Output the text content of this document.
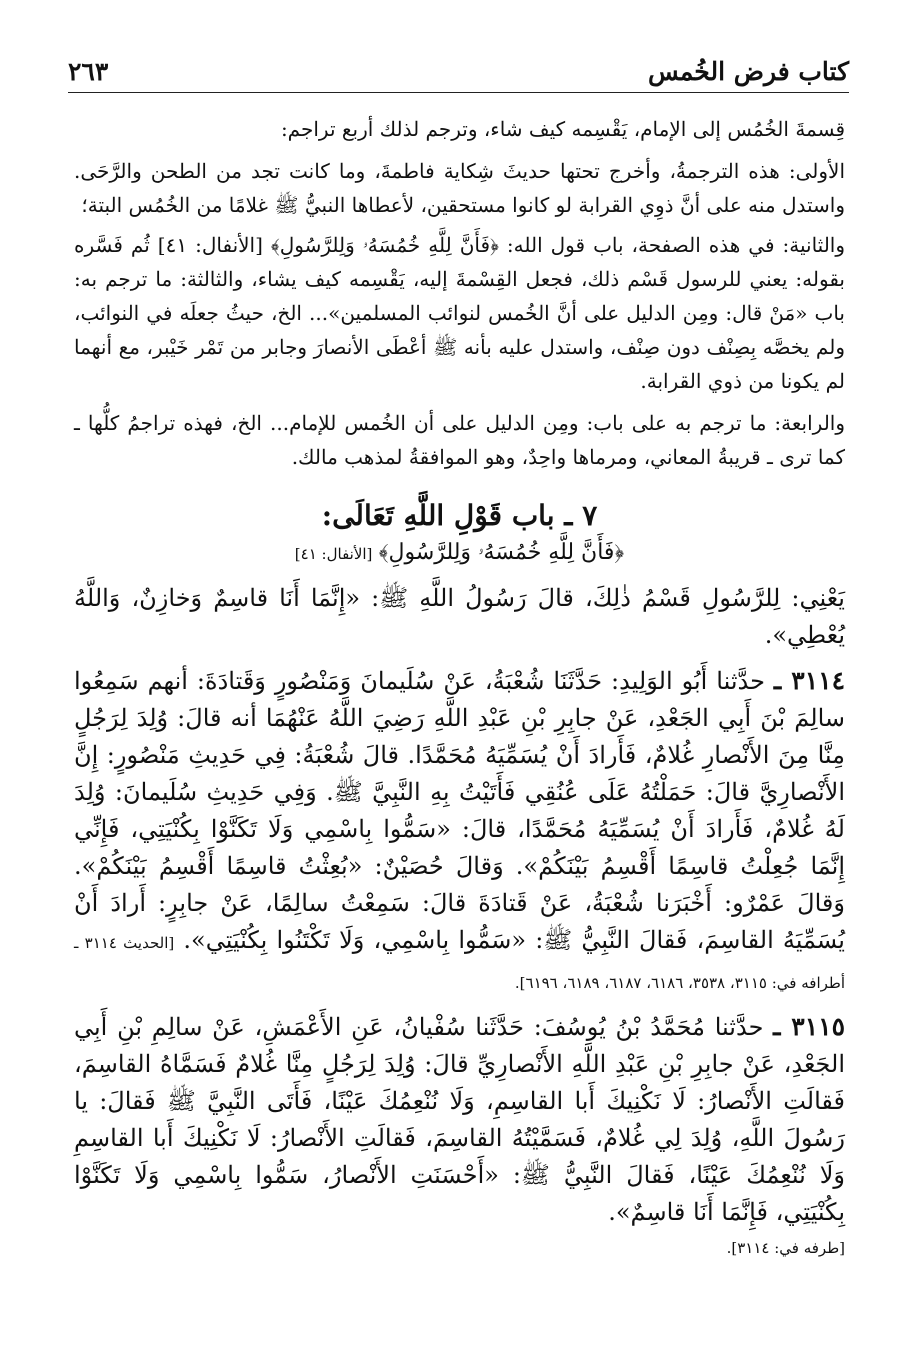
كتاب فرض الخُمس
٢٦٣

قِسمةَ الخُمُس إلى الإمام، يَقْسِمه كيف شاء، وترجم لذلك أربع تراجم:

الأولى: هذه الترجمةُ، وأخرج تحتها حديثَ شِكاية فاطمةَ، وما كانت تجد من الطحن والرَّحَى. واستدل منه على أنَّ ذوِي القرابة لو كانوا مستحقين، لأعطاها النبيُّ ﷺ غلامًا من الخُمُس البتة؛

والثانية: في هذه الصفحة، باب قول الله: ﴿فَأَنَّ لِلَّهِ خُمُسَهُۥ وَلِلرَّسُولِ﴾ [الأنفال: ٤١] ثُم فَسَّره بقوله: يعني للرسول قَسْم ذلك، فجعل القِسْمةَ إليه، يَقْسِمه كيف يشاء، والثالثة: ما ترجم به: باب «مَنْ قال: ومِن الدليل على أنَّ الخُمس لنوائب المسلمين»... الخ، حيثُ جعلَه في النوائب، ولم يخصَّه بِصِنْف دون صِنْف، واستدل عليه بأنه ﷺ أعْطَى الأنصارَ وجابر من تَمْر خَيْبر، مع أنهما لم يكونا من ذوي القرابة.

والرابعة: ما ترجم به على باب: ومِن الدليل على أن الخُمس للإمام... الخ، فهذه تراجمُ كلُّها ـ كما ترى ـ قريبةُ المعاني، ومرماها واحِدٌ، وهو الموافقةُ لمذهب مالك.

٧ ـ باب قَوْلِ اللَّهِ تَعَالَى:
﴿فَأَنَّ لِلَّهِ خُمُسَهُۥ وَلِلرَّسُولِ﴾ [الأنفال: ٤١]

يَعْنِي: لِلرَّسُولِ قَسْمُ ذٰلِكَ، قالَ رَسُولُ اللَّهِ ﷺ: «إِنَّمَا أَنَا قاسِمٌ وَخازِنٌ، وَاللَّهُ يُعْطِي».

٣١١٤ ـ حدَّثنا أَبُو الوَلِيدِ: حَدَّثَنَا شُعْبَةُ، عَنْ سُلَيمانَ وَمَنْصُورٍ وَقَتادَةَ: أنهم سَمِعُوا سالِمَ بْنَ أَبِي الجَعْدِ، عَنْ جابِرِ بْنِ عَبْدِ اللَّهِ رَضِيَ اللَّهُ عَنْهُمَا أنه قالَ: وُلِدَ لِرَجُلٍ مِنَّا مِنَ الأَنْصارِ غُلامٌ، فَأَرادَ أَنْ يُسَمِّيَهُ مُحَمَّدًا. قالَ شُعْبَةُ: فِي حَدِيثِ مَنْصُورٍ: إِنَّ الأَنْصارِيَّ قالَ: حَمَلْتُهُ عَلَى عُنُقِي فَأَتَيْتُ بِهِ النَّبِيَّ ﷺ. وَفِي حَدِيثِ سُلَيمانَ: وُلِدَ لَهُ غُلامٌ، فَأَرادَ أَنْ يُسَمِّيَهُ مُحَمَّدًا، قالَ: «سَمُّوا بِاسْمِي وَلَا تَكَنَّوْا بِكُنْيَتِي، فَإِنِّي إِنَّمَا جُعِلْتُ قاسِمًا أَقْسِمُ بَيْنَكُمْ». وَقالَ حُصَيْنٌ: «بُعِثْتُ قاسِمًا أَقْسِمُ بَيْنَكُمْ». وَقالَ عَمْرٌو: أَخْبَرَنا شُعْبَةُ، عَنْ قَتادَةَ قالَ: سَمِعْتُ سالِمًا، عَنْ جابِرٍ: أَرادَ أَنْ يُسَمِّيَهُ القاسِمَ، فَقالَ النَّبِيُّ ﷺ: «سَمُّوا بِاسْمِي، وَلَا تَكْتَنُوا بِكُنْيَتِي». [الحديث ٣١١٤ ـ أطرافه في: ٣١١٥، ٣٥٣٨، ٦١٨٦، ٦١٨٧، ٦١٨٩، ٦١٩٦].

٣١١٥ ـ حدَّثنا مُحَمَّدُ بْنُ يُوسُفَ: حَدَّثَنا سُفْيانُ، عَنِ الأَعْمَشِ، عَنْ سالِمِ بْنِ أَبِي الجَعْدِ، عَنْ جابِرِ بْنِ عَبْدِ اللَّهِ الأَنْصارِيِّ قالَ: وُلِدَ لِرَجُلٍ مِنَّا غُلامٌ فَسَمَّاهُ القاسِمَ، فَقالَتِ الأَنْصارُ: لَا نَكْنِيكَ أَبا القاسِمِ، وَلَا نُنْعِمُكَ عَيْنًا، فَأَتَى النَّبِيَّ ﷺ فَقالَ: يا رَسُولَ اللَّهِ، وُلِدَ لِي غُلامٌ، فَسَمَّيْتُهُ القاسِمَ، فَقالَتِ الأَنْصارُ: لَا نَكْنِيكَ أَبا القاسِمِ وَلَا نُنْعِمُكَ عَيْنًا، فَقالَ النَّبِيُّ ﷺ: «أَحْسَنَتِ الأَنْصارُ، سَمُّوا بِاسْمِي وَلَا تَكَنَّوْا بِكُنْيَتِي، فَإِنَّمَا أَنَا قاسِمٌ».

[طرفه في: ٣١١٤].
